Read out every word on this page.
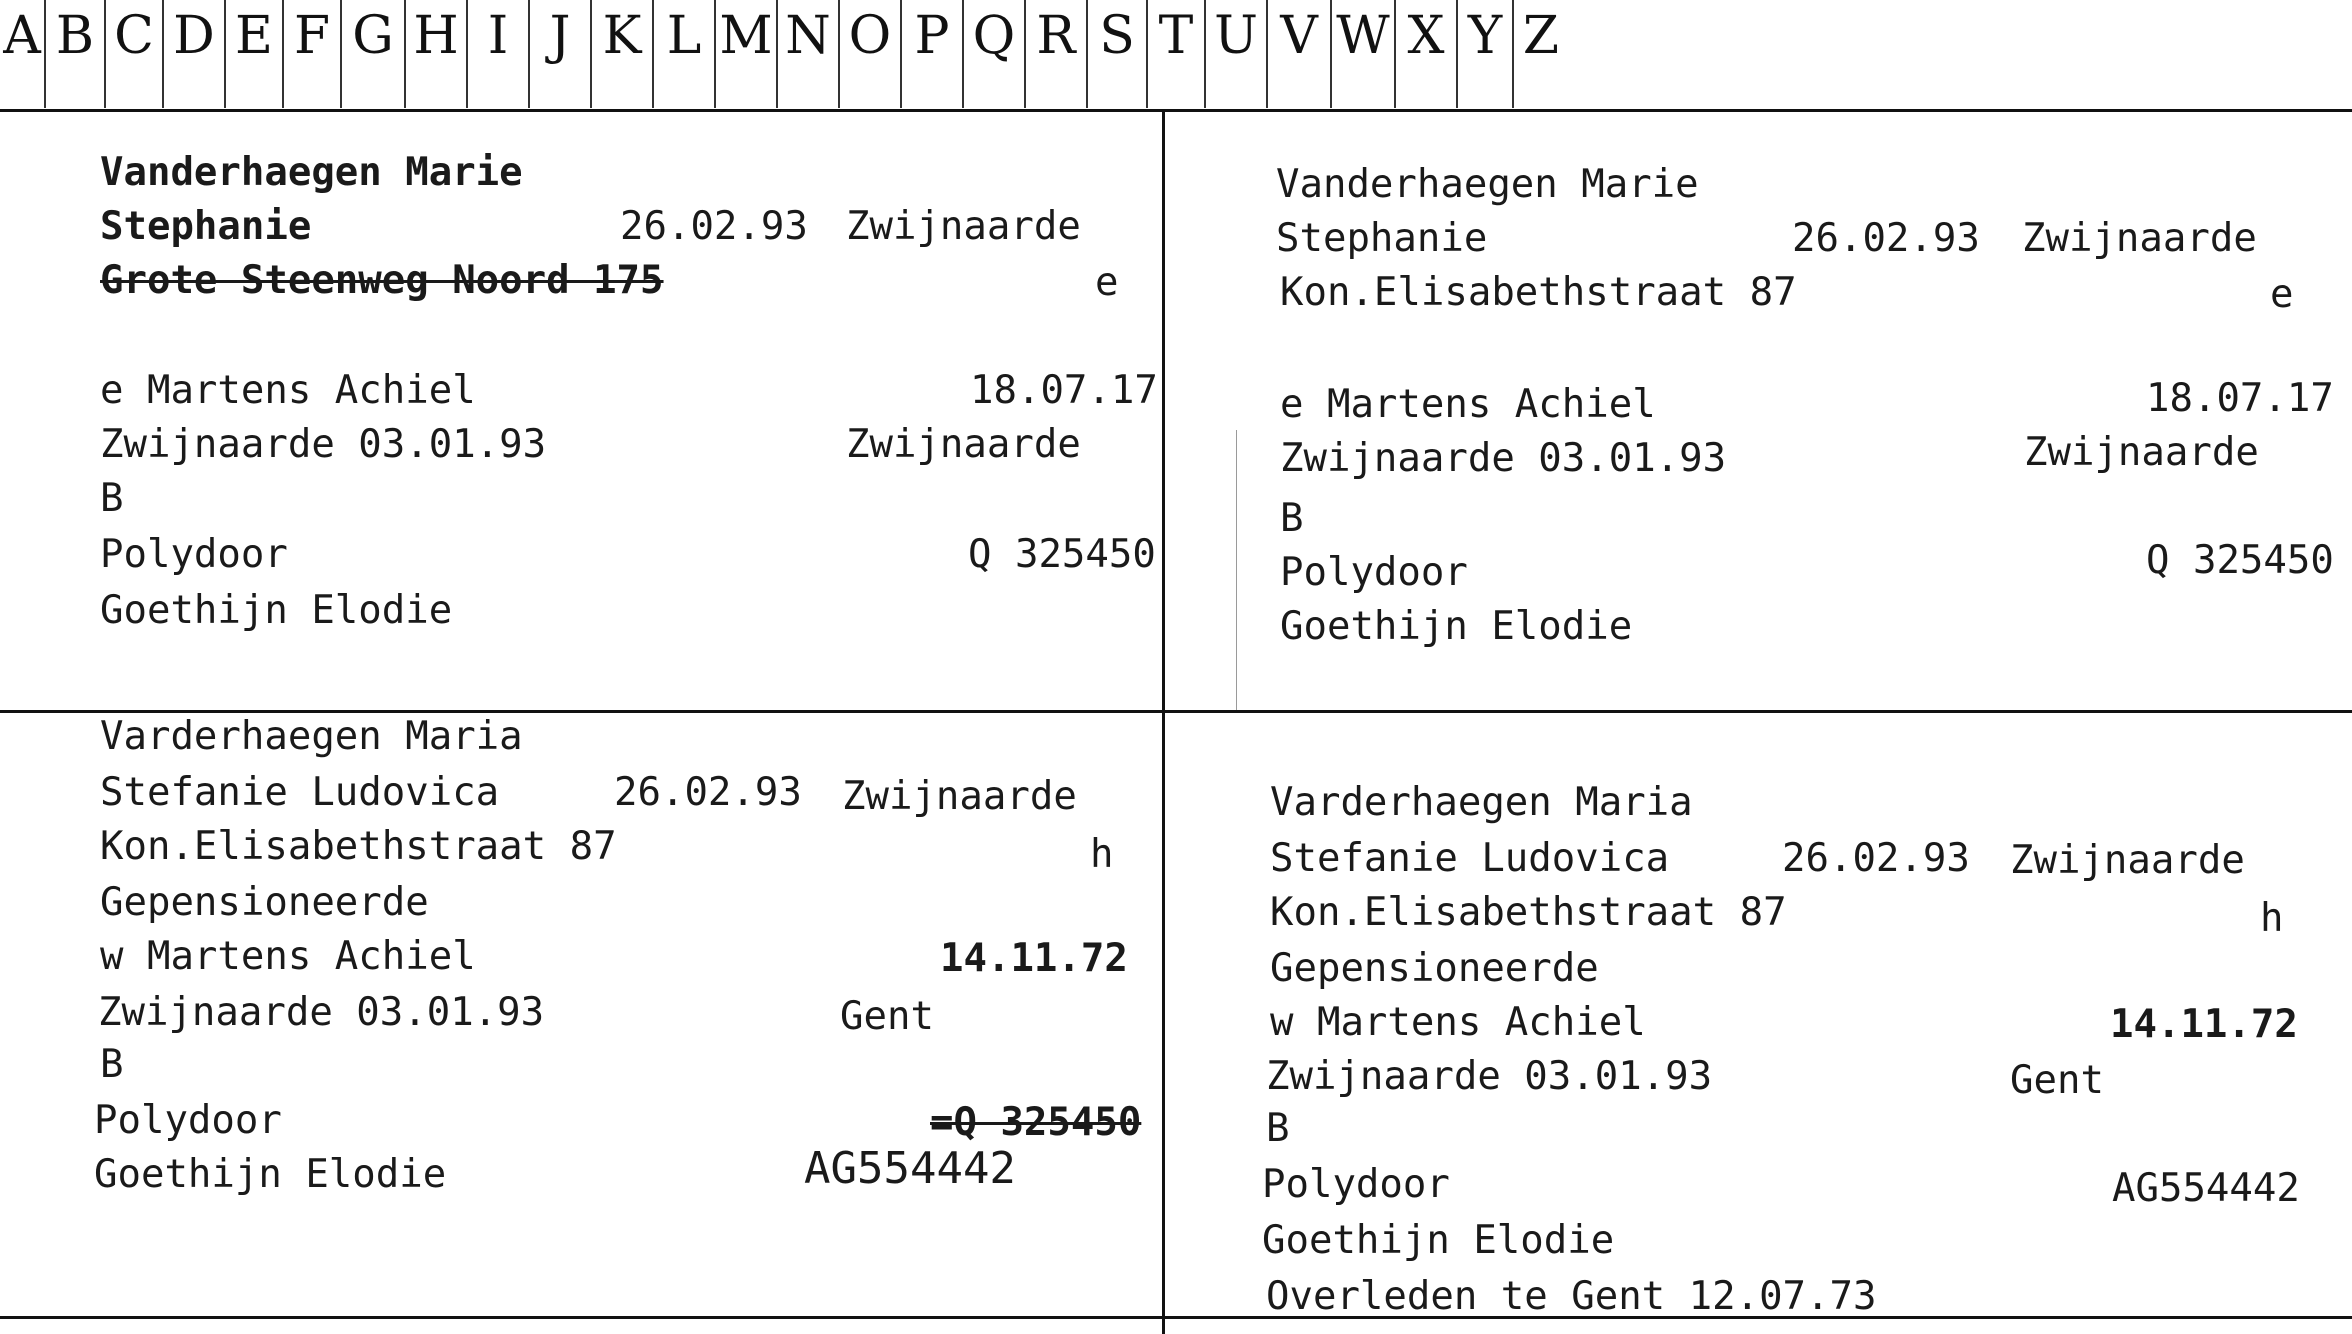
A B C D E F G H I J K L M N O P Q R S T U V W X Y Z
Vanderhaegen Marie
Stephanie	26.02.93 Zwijnaarde
Grote Steenweg Noord 175	e
e Martens Achiel	18.07.17
Zwijnaarde 03.01.93	Zwijnaarde
B
Polydoor	Q 325450
Goethijn Elodie
Vanderhaegen Marie
Stephanie	26.02.93 Zwijnaarde
Kon.Elisabethstraat 87	e
e Martens Achiel	18.07.17
Zwijnaarde 03.01.93	Zwijnaarde
B
Polydoor	Q 325450
Goethijn Elodie
Varderhaegen Maria
Stefanie Ludovica	26.02.93 Zwijnaarde
Kon.Elisabethstraat 87	h
Gepensioneerde
w Martens Achiel	14.11.72
Zwijnaarde 03.01.93	Gent
B
Polydoor	=Q 325450
Goethijn Elodie	AG554442
Varderhaegen Maria
Stefanie Ludovica	26.02.93 Zwijnaarde
Kon.Elisabethstraat 87	h
Gepensioneerde
w Martens Achiel	14.11.72
Zwijnaarde 03.01.93	Gent
B
Polydoor	AG554442
Goethijn Elodie
Overleden te Gent 12.07.73
